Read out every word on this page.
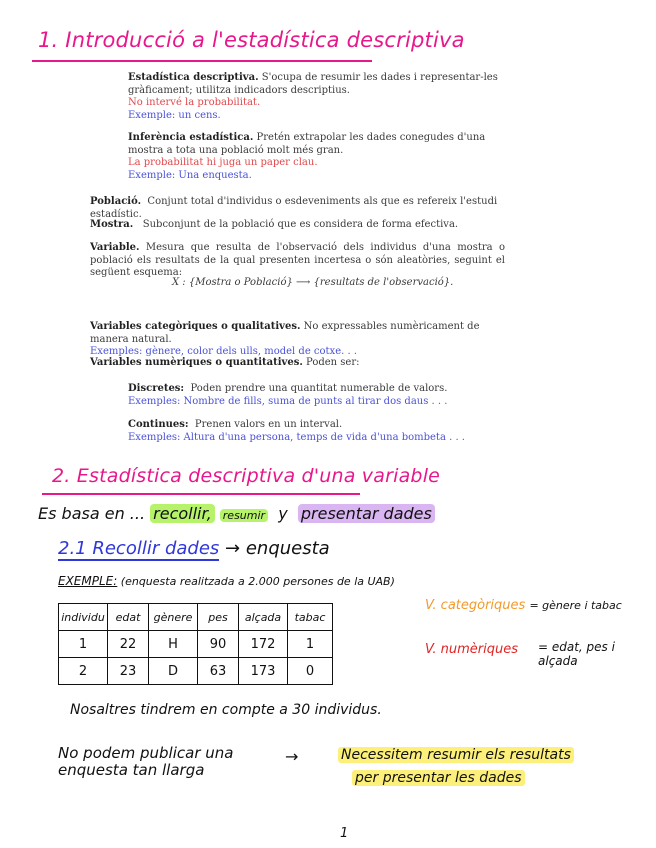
1. Introducció a l'estadística descriptiva
Estadística descriptiva. S'ocupa de resumir les dades i representar-les gràficament; utilitza indicadors descriptius.
No intervé la probabilitat.
Exemple: un cens.
Inferència estadística. Pretén extrapolar les dades conegudes d'una mostra a tota una població molt més gran.
La probabilitat hi juga un paper clau.
Exemple: Una enquesta.
Població. Conjunt total d'individus o esdeveniments als que es refereix l'estudi estadístic.
Mostra. Subconjunt de la població que es considera de forma efectiva.
Variable. Mesura que resulta de l'observació dels individus d'una mostra o població els resultats de la qual presenten incertesa o són aleatòries, seguint el següent esquema:
X : {Mostra o Població} ⟶ {resultats de l'observació}.
Variables categòriques o qualitatives. No expressables numèricament de manera natural.
Exemples: gènere, color dels ulls, model de cotxe. . .
Variables numèriques o quantitatives. Poden ser:
Discretes: Poden prendre una quantitat numerable de valors.
Exemples: Nombre de fills, suma de punts al tirar dos daus . . .
Continues: Prenen valors en un interval.
Exemples: Altura d'una persona, temps de vida d'una bombeta . . .
2. Estadística descriptiva d'una variable
Es basa en ... recollir, resumir y presentar dades
2.1 Recollir dades → enquesta
EXEMPLE: (enquesta realitzada a 2.000 persones de la UAB)
individu	edat	gènere	pes	alçada	tabac
1	22	H	90	172	1
2	23	D	63	173	0
V. categòriques = gènere i tabac
V. numèriques = edat, pes i alçada
Nosaltres tindrem en compte a 30 individus.
No podem publicar una enquesta tan llarga
→	Necessitem resumir els resultats
per presentar les dades
1
